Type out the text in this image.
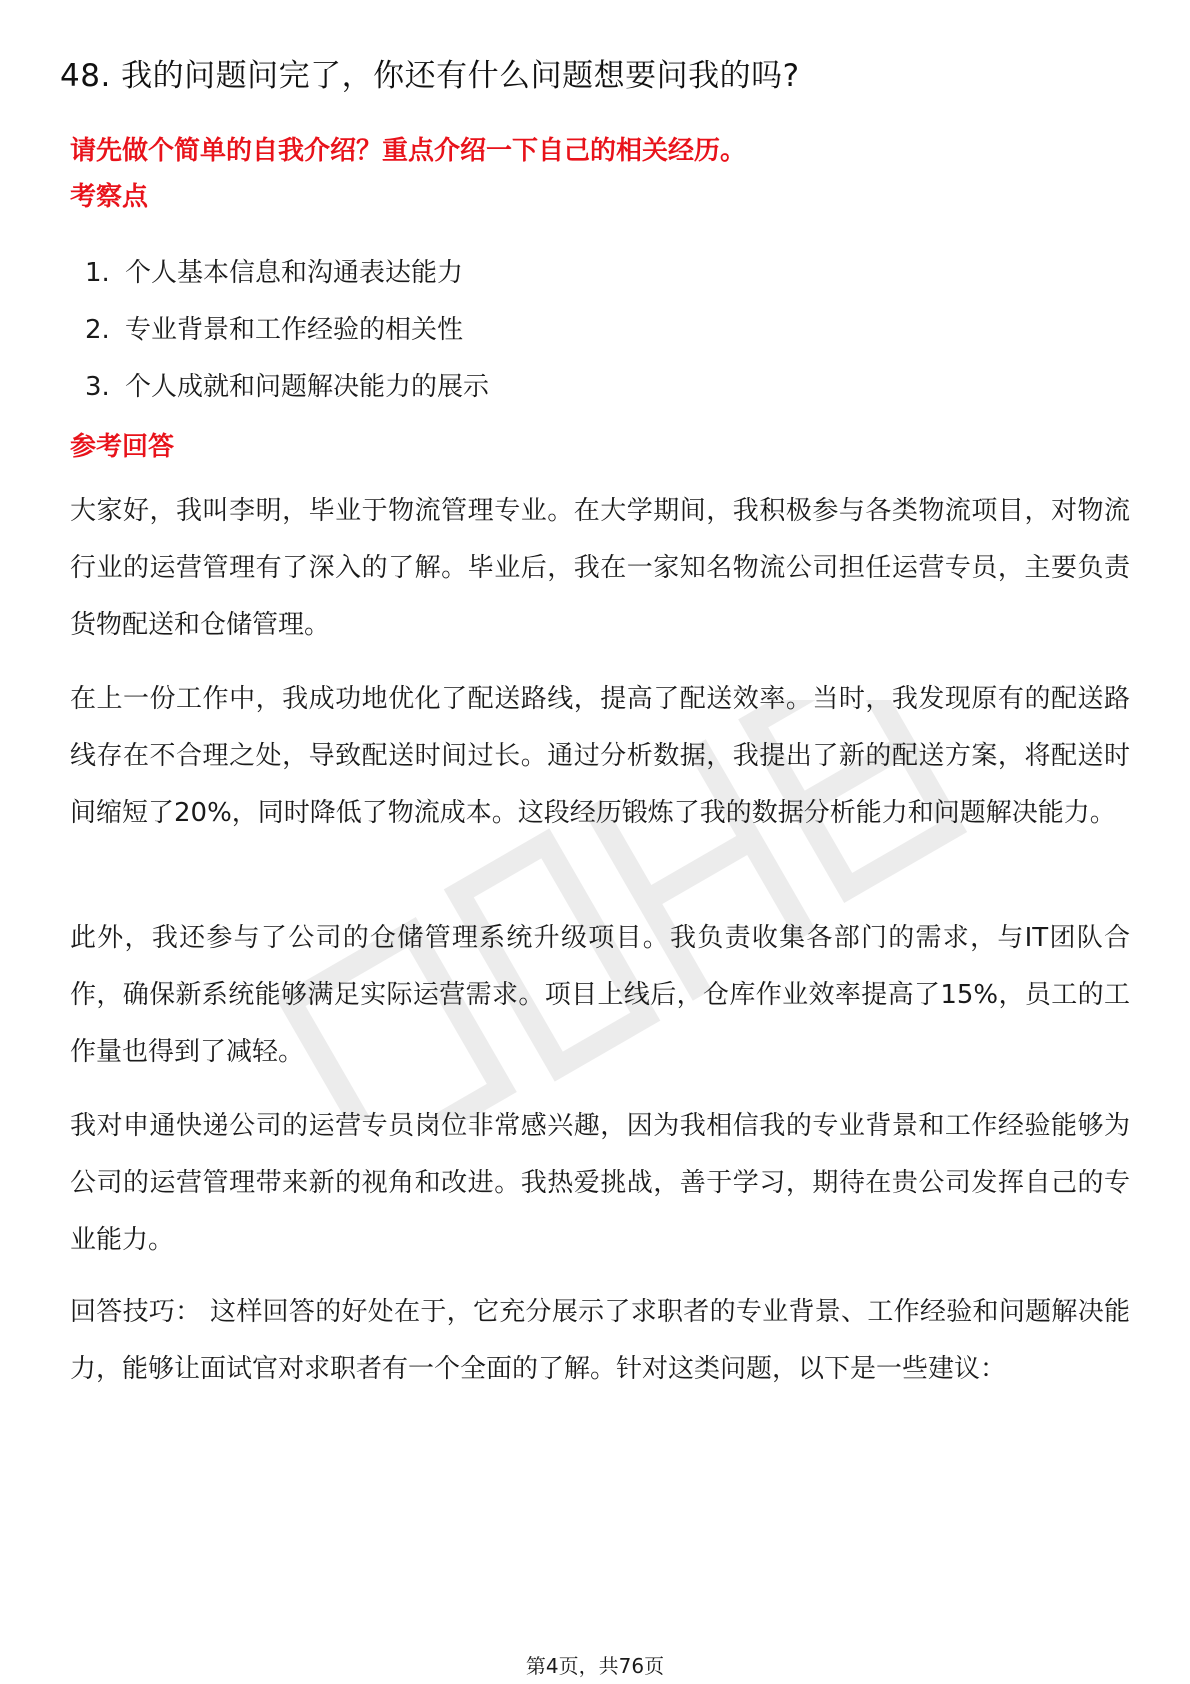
48. 我的问题问完了，你还有什么问题想要问我的吗?
请先做个简单的自我介绍？重点介绍一下自己的相关经历。
考察点
1. 个人基本信息和沟通表达能力
2. 专业背景和工作经验的相关性
3. 个人成就和问题解决能力的展示
参考回答

大家好，我叫李明，毕业于物流管理专业。在大学期间，我积极参与各类物流项目，对物流行业的运营管理有了深入的了解。毕业后，我在一家知名物流公司担任运营专员，主要负责货物配送和仓储管理。

在上一份工作中，我成功地优化了配送路线，提高了配送效率。当时，我发现原有的配送路线存在不合理之处，导致配送时间过长。通过分析数据，我提出了新的配送方案，将配送时间缩短了20%，同时降低了物流成本。这段经历锻炼了我的数据分析能力和问题解决能力。

此外，我还参与了公司的仓储管理系统升级项目。我负责收集各部门的需求，与IT团队合作，确保新系统能够满足实际运营需求。项目上线后，仓库作业效率提高了15%，员工的工作量也得到了减轻。

我对申通快递公司的运营专员岗位非常感兴趣，因为我相信我的专业背景和工作经验能够为公司的运营管理带来新的视角和改进。我热爱挑战，善于学习，期待在贵公司发挥自己的专业能力。

回答技巧： 这样回答的好处在于，它充分展示了求职者的专业背景、工作经验和问题解决能力，能够让面试官对求职者有一个全面的了解。针对这类问题，以下是一些建议：

第4页，共76页
